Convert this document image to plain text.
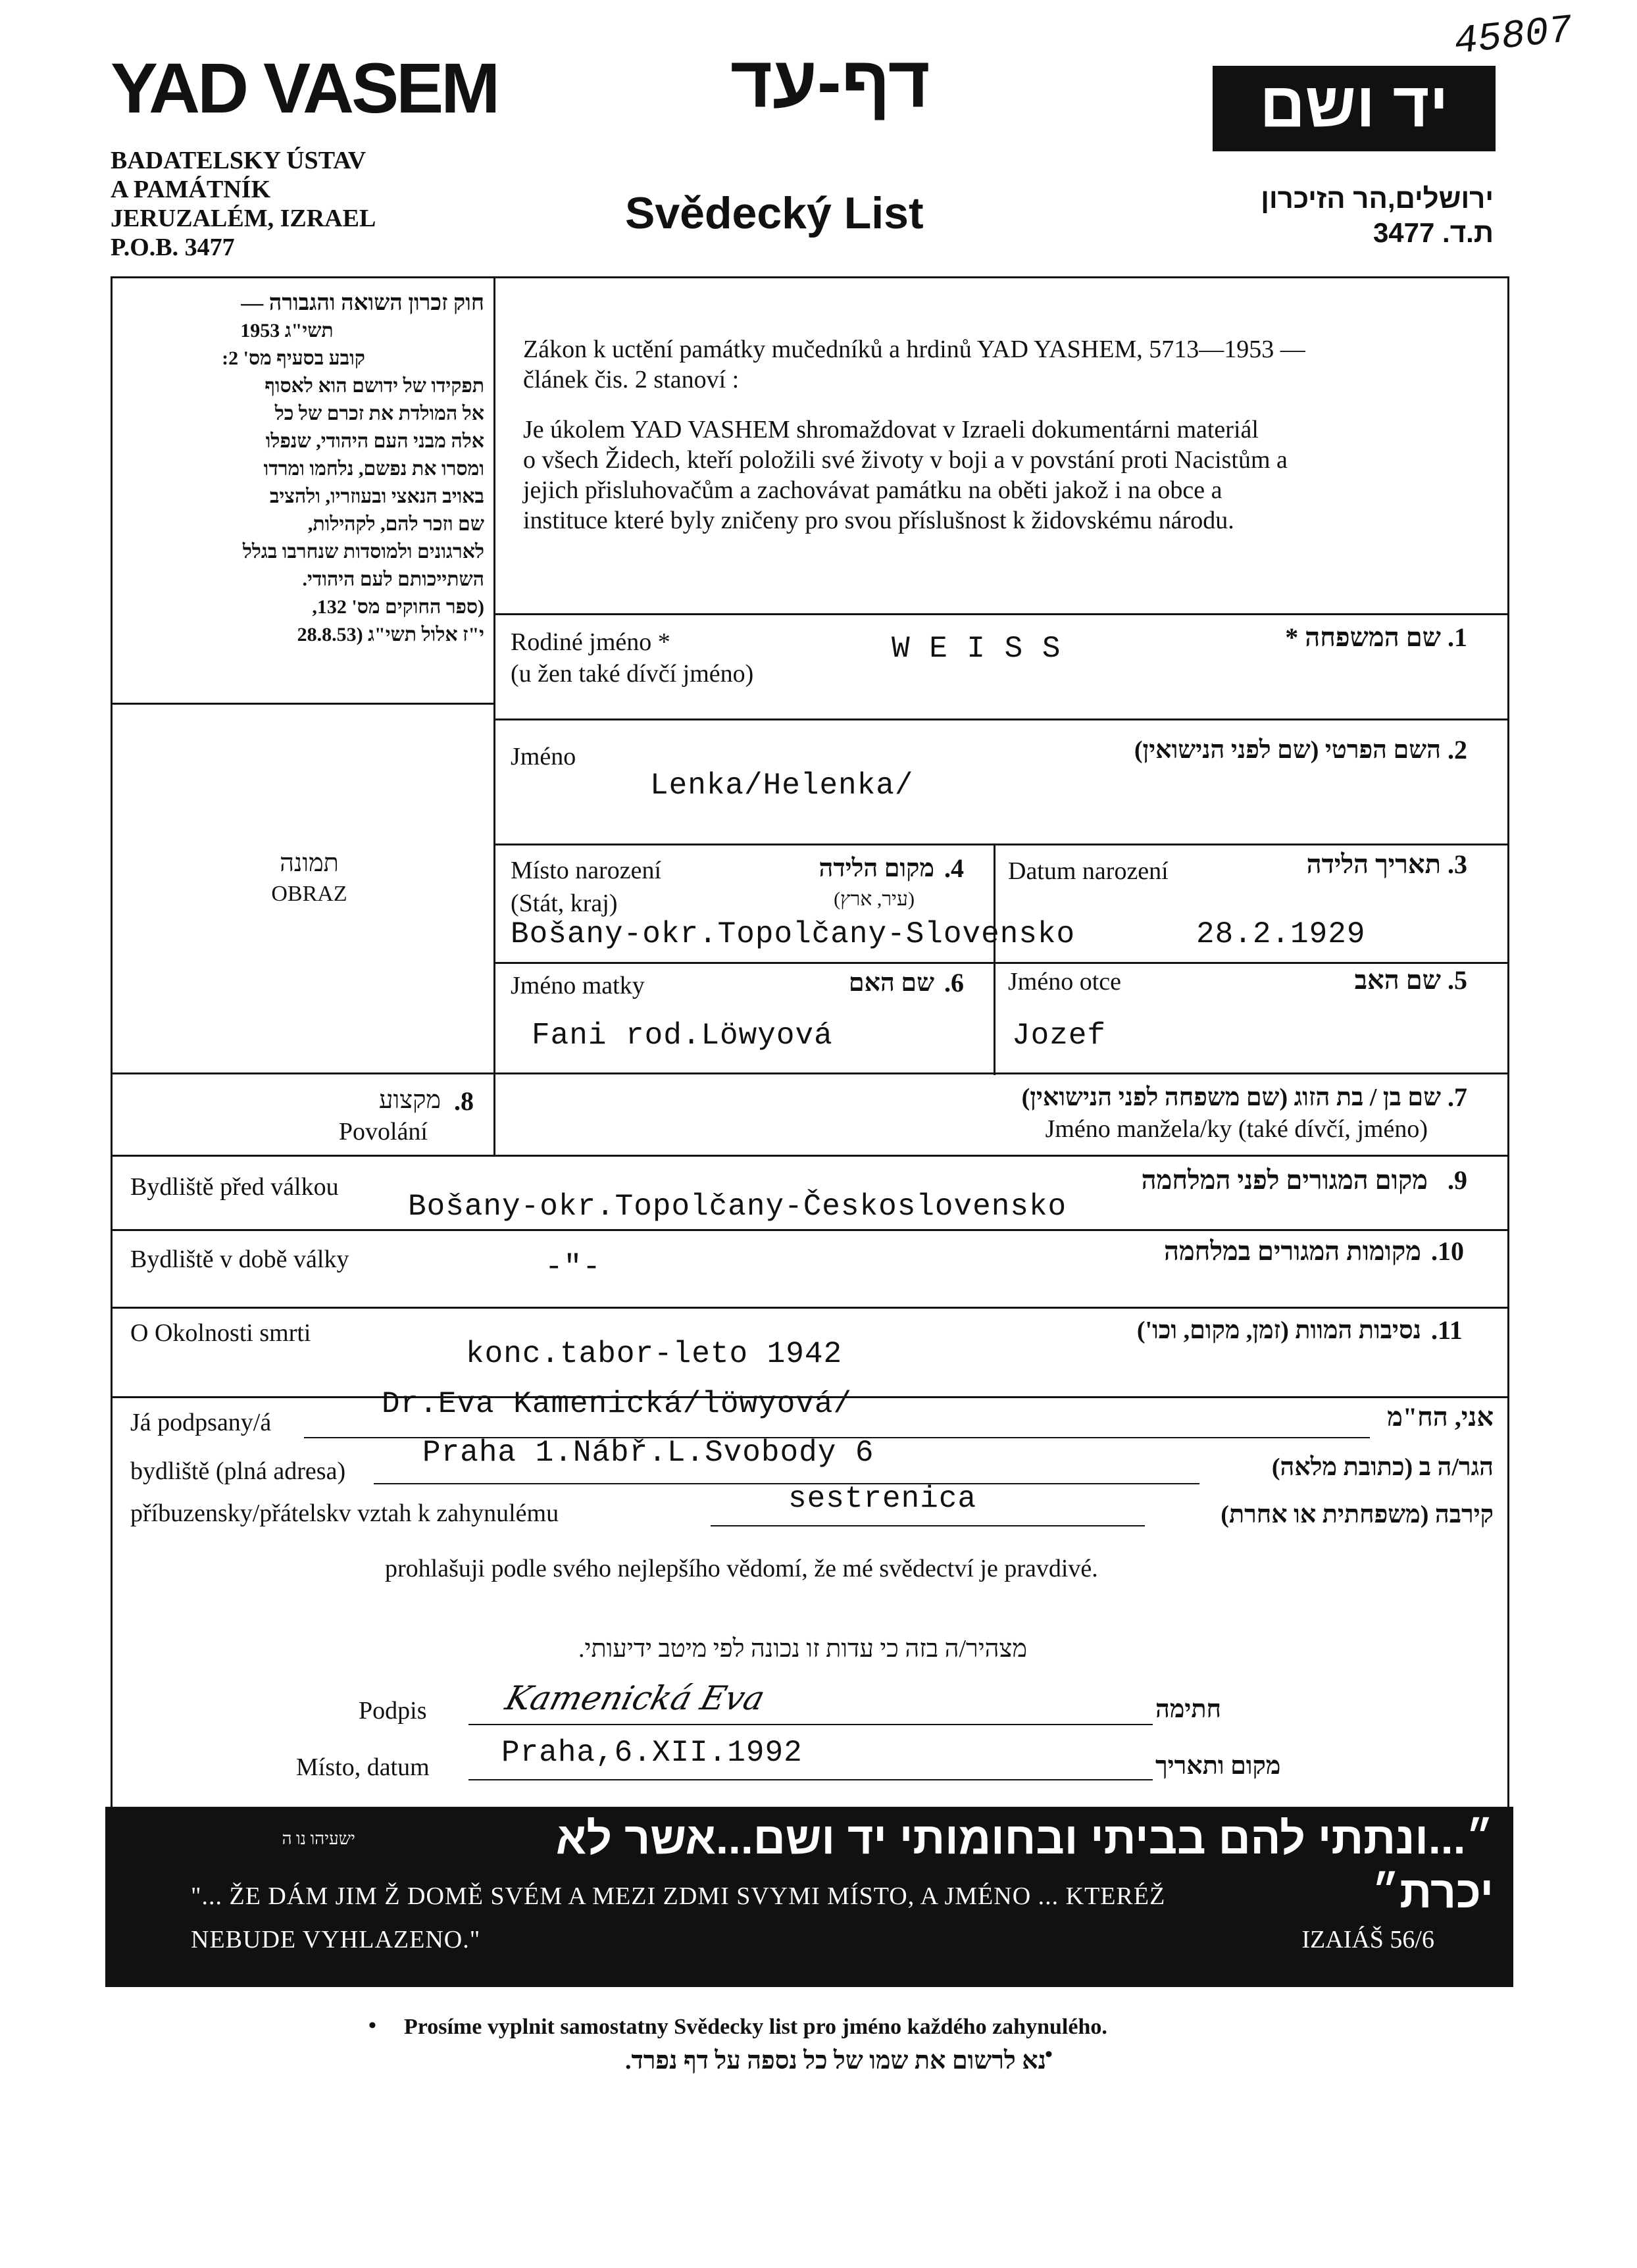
YAD VASEM
BADATELSKY ÚSTAV
A PAMÁTNÍK
JERUZALÉM, IZRAEL
P.O.B. 3477
דף-עד
Svědecký List
יד ושם
ירושלים,הר הזיכרון
ת.ד. 3477
45807
חוק זכרון השואה והגבורה —
תשי"ג 1953
קובע בסעיף מס' 2:
תפקידו של ידושם הוא לאסוף
אל המולדת את זכרם של כל
אלה מבני העם היהודי, שנפלו
ומסרו את נפשם, נלחמו ומרדו
באויב הנאצי ובעוזריו, ולהציב
שם וזכר להם, לקהילות,
לארגונים ולמוסדות שנחרבו בגלל
השתייכותם לעם היהודי.
(ספר החוקים מס' 132,
י"ז אלול תשי"ג (28.8.53
Zákon k uctění památky mučedníků a hrdinů YAD YASHEM, 5713—1953 —
článek čis. 2 stanoví :
Je úkolem YAD VASHEM shromaždovat v Izraeli dokumentárni materiál
o všech Židech, kteří položili své životy v boji a v povstání proti Nacistům a
jejich přisluhovačům a zachovávat památku na oběti jakož i na obce a
instituce které byly zničeny pro svou příslušnost k židovskému národu.
תמונה
OBRAZ
Rodiné jméno *
(u žen také dívčí jméno)
W E I S S	שם המשפחה * .1
Jméno
Lenka/Helenka/
השם הפרטי (שם לפני הנישואין) .2
Místo narození
(Stát, kraj)
מקום הלידה
(עיר, ארץ)
.4
Bošany-okr.Topolčany-Slovensko
Datum narození	תאריך הלידה .3
28.2.1929
Jméno matky	שם האם .6
Fani rod.Löwyová
Jméno otce	שם האב .5
Jozef
.8
מקצוע
Povolání
שם בן / בת הזוג (שם משפחה לפני הנישואין) .7
Jméno manžela/ky (také dívčí, jméno)
Bydliště před válkou
Bošany-okr.Topolčany-Československo
מקום המגורים לפני המלחמה .9
Bydliště v době války	-"-	מקומות המגורים במלחמה .10
O Okolnosti smrti
konc.tabor-leto 1942
נסיבות המוות (זמן, מקום, וכו') .11
Já podpsany/á
Dr.Eva Kamenická/löwyová/	אני, הח"מ
bydliště (plná adresa)
Praha 1.Nábř.L.Svobody 6	הגר/ה ב (כתובת מלאה)
příbuzensky/přátelskv vztah k zahynulému	sestrenica	קירבה (משפחתית או אחרת)
prohlašuji podle svého nejlepšího vědomí, že mé svědectví je pravdivé.
מצהיר/ה בזה כי עדות זו נכונה לפי מיטב ידיעותי.
Podpis Kamenická Eva	חתימה
Místo, datum Praha,6.XII.1992	מקום ותאריך
״...ונתתי להם בביתי ובחומותי יד ושם...אשר לא יכרת״
ישעיהו נו ה
"... ŽE DÁM JIM Ž DOMĚ SVÉM A MEZI ZDMI SVYMI MÍSTO, A JMÉNO ... KTERÉŽ
NEBUDE VYHLAZENO."	IZAIÁŠ 56/6
• Prosíme vyplnit samostatny Svědecky list pro jméno každého zahynulého.
נא לרשום את שמו של כל נספה על דף נפרד.
•
